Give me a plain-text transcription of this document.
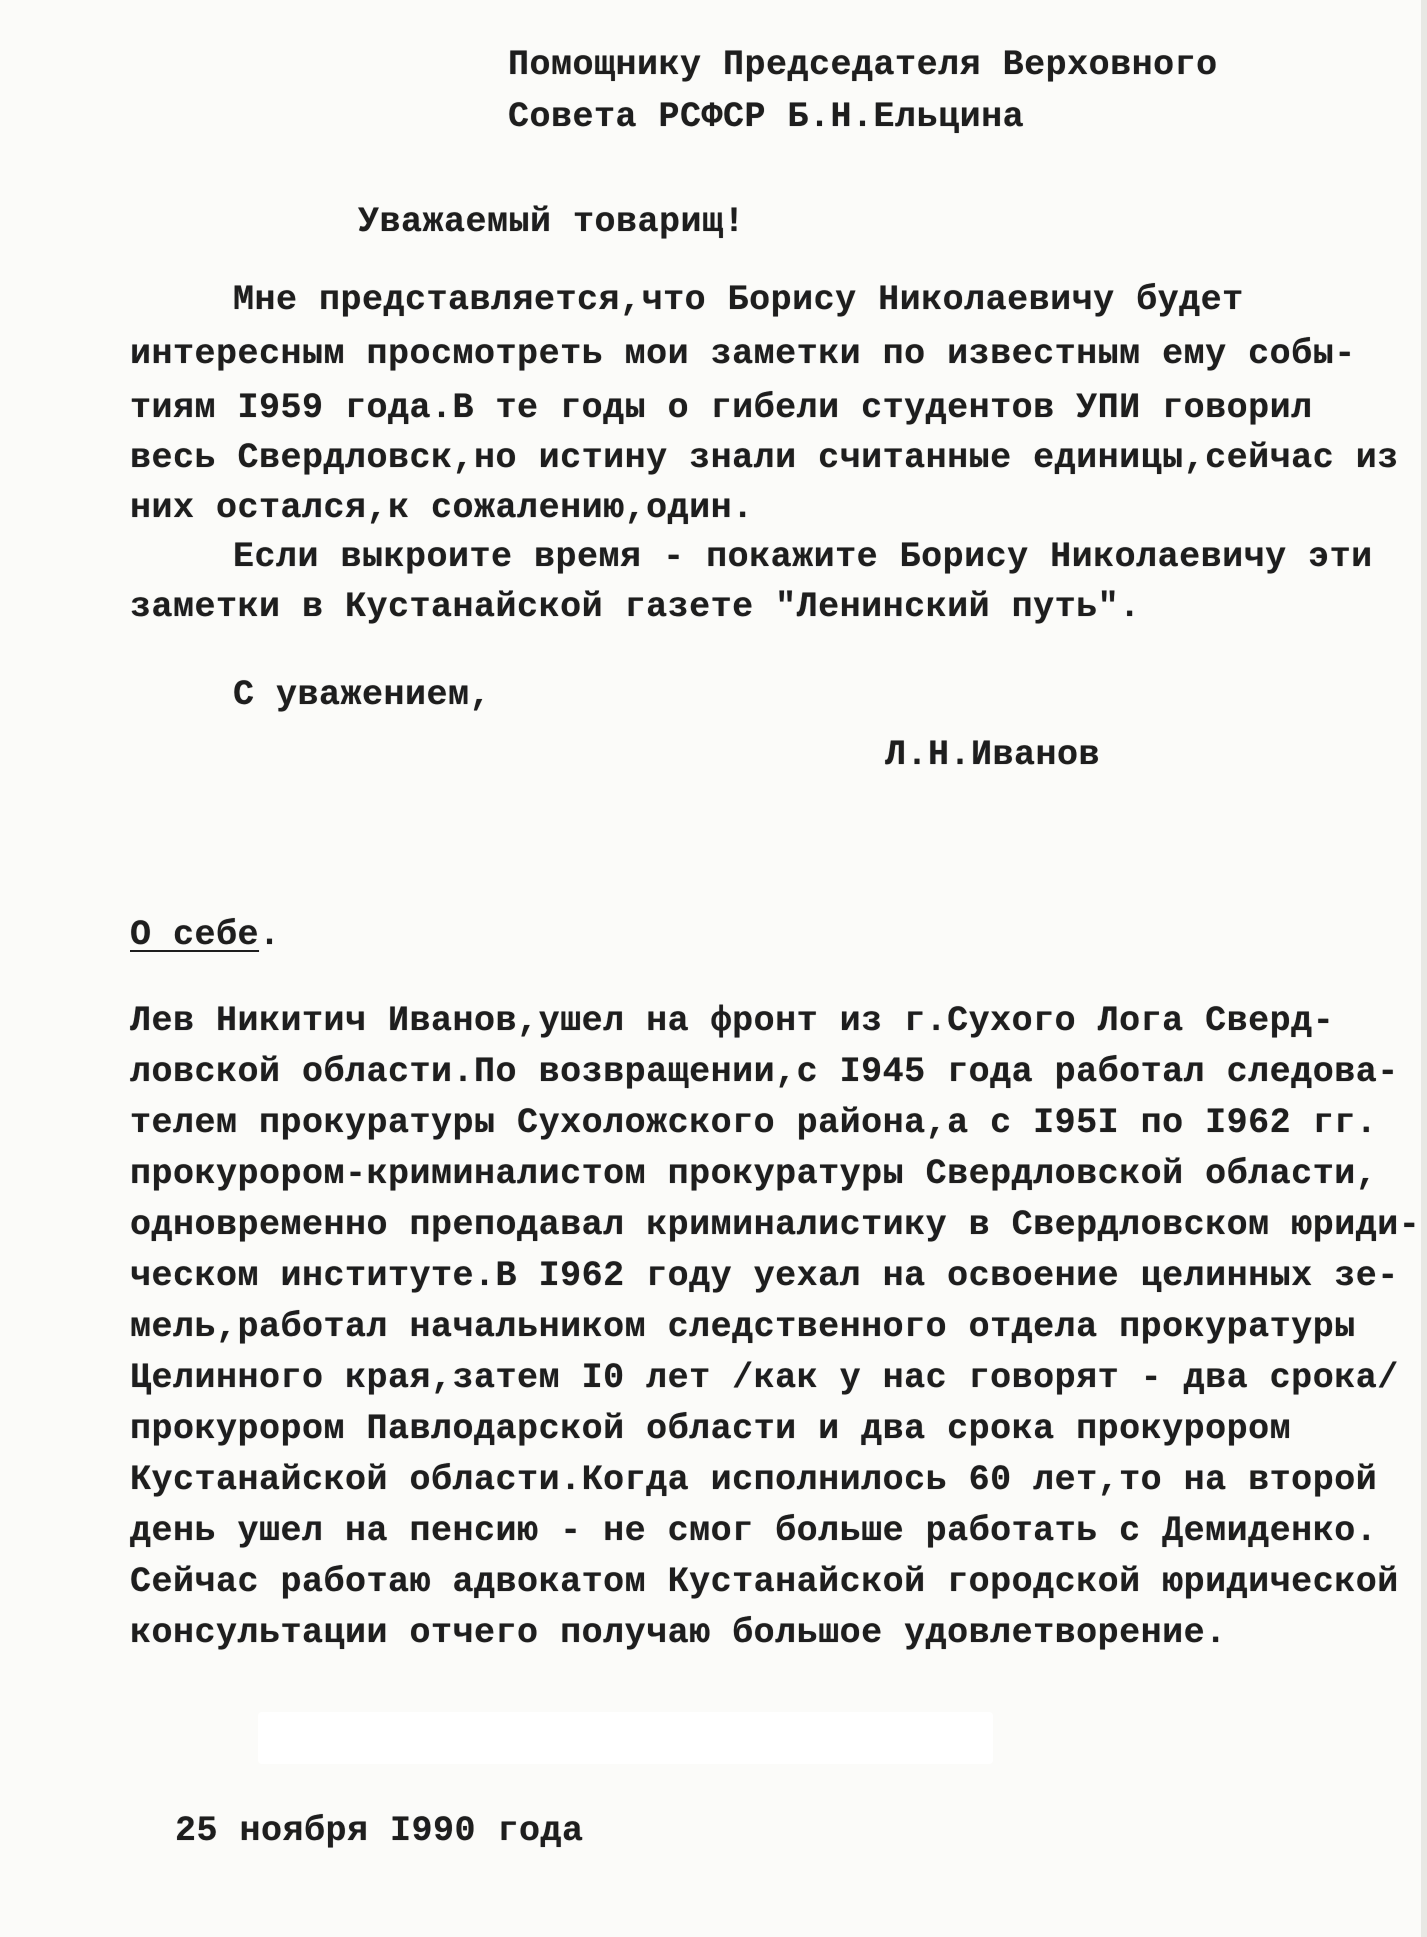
Помощнику Председателя Верховного
Совета РСФСР Б.Н.Ельцина
Уважаемый товарищ!
Мне представляется,что Борису Николаевичу будет
интересным просмотреть мои заметки по известным ему собы-
тиям I959 года.В те годы о гибели студентов УПИ говорил
весь Свердловск,но истину знали считанные единицы,сейчас из
них остался,к сожалению,один.
Если выкроите время - покажите Борису Николаевичу эти
заметки в Кустанайской газете "Ленинский путь".
С уважением,
Л.Н.Иванов
О себе.
Лев Никитич Иванов,ушел на фронт из г.Сухого Лога Сверд-
ловской области.По возвращении,с I945 года работал следова-
телем прокуратуры Сухоложского района,а с I95I по I962 гг.
прокурором-криминалистом прокуратуры Свердловской области,
одновременно преподавал криминалистику в Свердловском юриди-
ческом институте.В I962 году уехал на освоение целинных зе-
мель,работал начальником следственного отдела прокуратуры
Целинного края,затем I0 лет /как у нас говорят - два срока/
прокурором Павлодарской области и два срока прокурором
Кустанайской области.Когда исполнилось 60 лет,то на второй
день ушел на пенсию - не смог больше работать с Демиденко.
Сейчас работаю адвокатом Кустанайской городской юридической
консультации отчего получаю большое удовлетворение.
25 ноября I990 года
